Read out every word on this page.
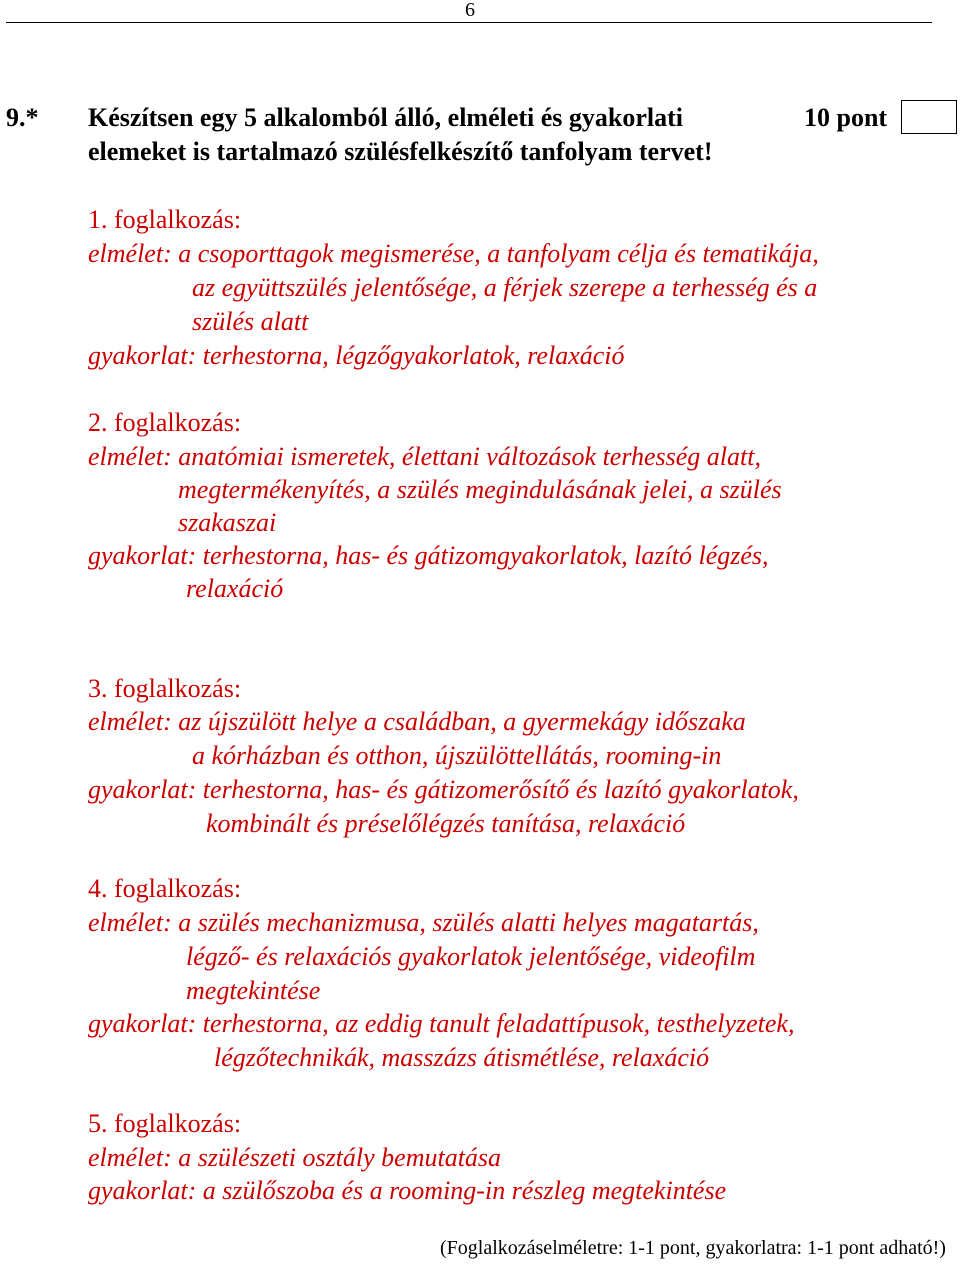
6
9.* Készítsen egy 5 alkalomból álló, elméleti és gyakorlati
elemeket is tartalmazó szülésfelkészítő tanfolyam tervet!
10 pont
1. foglalkozás:
elmélet: a csoporttagok megismerése, a tanfolyam célja és tematikája,
az együttszülés jelentősége, a férjek szerepe a terhesség és a
szülés alatt
gyakorlat: terhestorna, légzőgyakorlatok, relaxáció
2. foglalkozás:
elmélet: anatómiai ismeretek, élettani változások terhesség alatt,
megtermékenyítés, a szülés megindulásának jelei, a szülés
szakaszai
gyakorlat: terhestorna, has- és gátizomgyakorlatok, lazító légzés,
relaxáció
3. foglalkozás:
elmélet: az újszülött helye a családban, a gyermekágy időszaka
a kórházban és otthon, újszülöttellátás, rooming-in
gyakorlat: terhestorna, has- és gátizomerősítő és lazító gyakorlatok,
kombinált és préselőlégzés tanítása, relaxáció
4. foglalkozás:
elmélet: a szülés mechanizmusa, szülés alatti helyes magatartás,
légző- és relaxációs gyakorlatok jelentősége, videofilm
megtekintése
gyakorlat: terhestorna, az eddig tanult feladattípusok, testhelyzetek,
légzőtechnikák, masszázs átismétlése, relaxáció
5. foglalkozás:
elmélet: a szülészeti osztály bemutatása
gyakorlat: a szülőszoba és a rooming-in részleg megtekintése
(Foglalkozáselméletre: 1-1 pont, gyakorlatra: 1-1 pont adható!)
